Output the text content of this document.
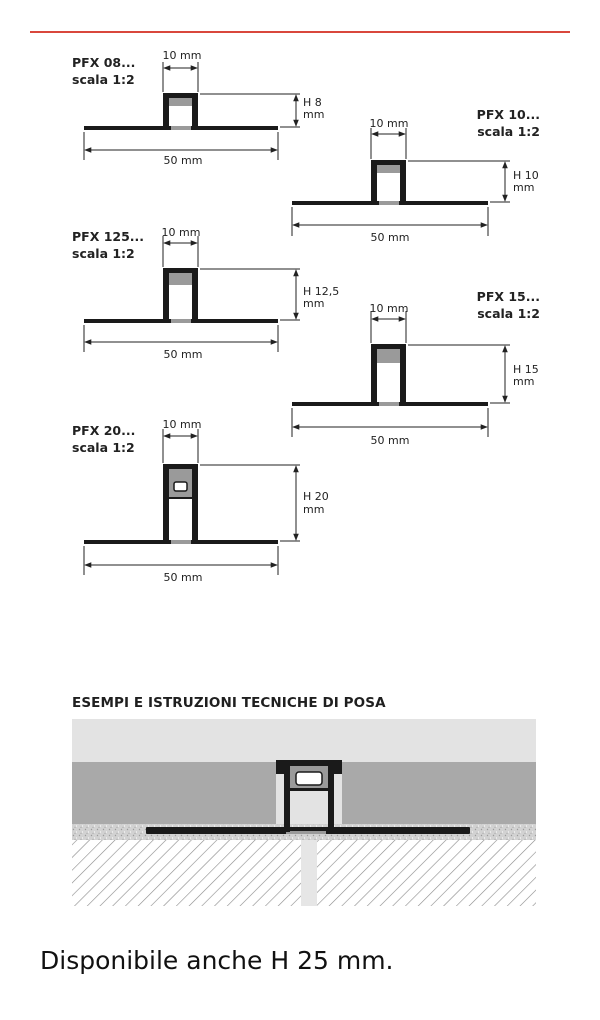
PFX 08...
scala 1:2
PFX 10...
scala 1:2
PFX 125...
scala 1:2
PFX 15...
scala 1:2
PFX 20...
scala 1:2
10 mm
50 mm
H 8
mm
10 mm
50 mm
H 10
mm
10 mm
50 mm
H 12,5
mm	10 mm
50 mm
H 15
mm
10 mm
50 mm
H 20
mm
ESEMPI E ISTRUZIONI TECNICHE DI POSA
Disponibile anche H 25 mm.
